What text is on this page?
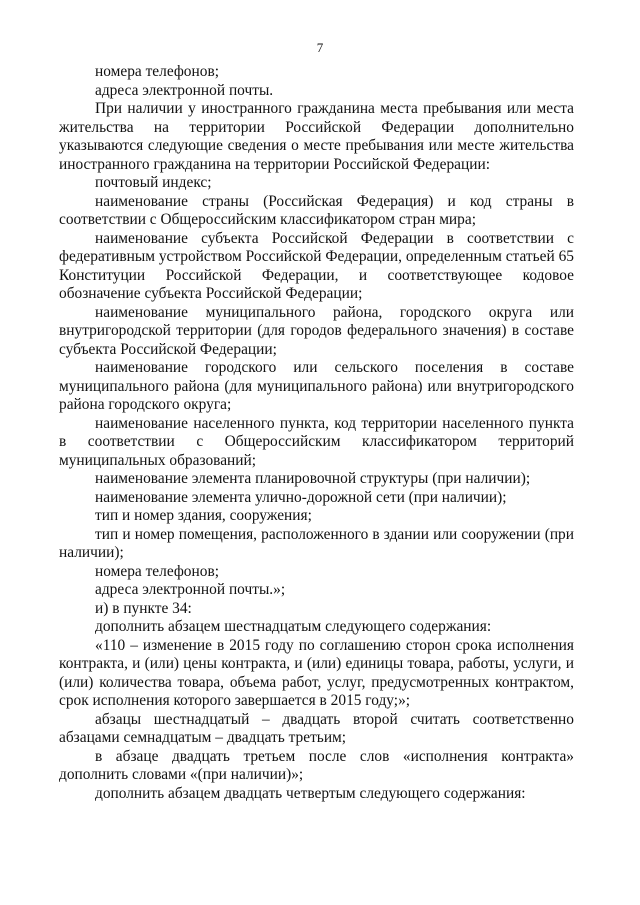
7

номера телефонов;

адреса электронной почты.

При наличии у иностранного гражданина места пребывания или места жительства на территории Российской Федерации дополнительно указываются следующие сведения о месте пребывания или месте жительства иностранного гражданина на территории Российской Федерации:

почтовый индекс;

наименование страны (Российская Федерация) и код страны в соответствии с Общероссийским классификатором стран мира;

наименование субъекта Российской Федерации в соответствии с федеративным устройством Российской Федерации, определенным статьей 65 Конституции Российской Федерации, и соответствующее кодовое обозначение субъекта Российской Федерации;

наименование муниципального района, городского округа или внутригородской территории (для городов федерального значения) в составе субъекта Российской Федерации;

наименование городского или сельского поселения в составе муниципального района (для муниципального района) или внутригородского района городского округа;

наименование населенного пункта, код территории населенного пункта в соответствии с Общероссийским классификатором территорий муниципальных образований;

наименование элемента планировочной структуры (при наличии);

наименование элемента улично-дорожной сети (при наличии);

тип и номер здания, сооружения;

тип и номер помещения, расположенного в здании или сооружении (при наличии);

номера телефонов;

адреса электронной почты.»;

и) в пункте 34:

дополнить абзацем шестнадцатым следующего содержания:

«110 – изменение в 2015 году по соглашению сторон срока исполнения контракта, и (или) цены контракта, и (или) единицы товара, работы, услуги, и (или) количества товара, объема работ, услуг, предусмотренных контрактом, срок исполнения которого завершается в 2015 году;»;

абзацы шестнадцатый – двадцать второй считать соответственно абзацами семнадцатым – двадцать третьим;

в абзаце двадцать третьем после слов «исполнения контракта» дополнить словами «(при наличии)»;

дополнить абзацем двадцать четвертым следующего содержания:
